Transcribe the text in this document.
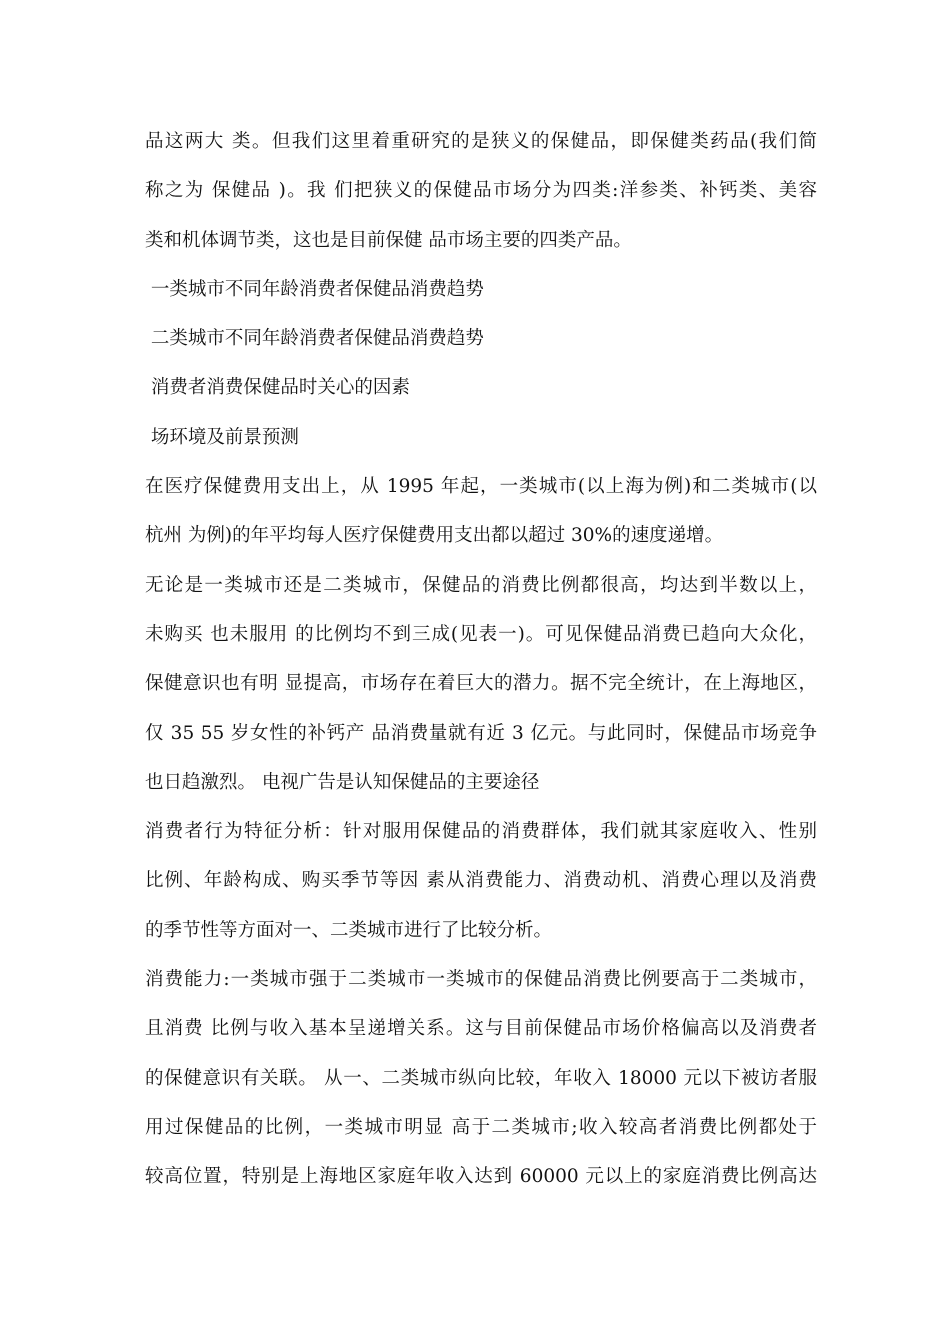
品这两大 类。但我们这里着重研究的是狭义的保健品，即保健类药品(我们简
称之为 保健品 )。我 们把狭义的保健品市场分为四类:洋参类、补钙类、美容
类和机体调节类，这也是目前保健 品市场主要的四类产品。
一类城市不同年龄消费者保健品消费趋势
二类城市不同年龄消费者保健品消费趋势
消费者消费保健品时关心的因素
场环境及前景预测
在医疗保健费用支出上，从 1995 年起，一类城市(以上海为例)和二类城市(以
杭州 为例)的年平均每人医疗保健费用支出都以超过 30%的速度递增。
无论是一类城市还是二类城市，保健品的消费比例都很高，均达到半数以上，
未购买 也未服用 的比例均不到三成(见表一)。可见保健品消费已趋向大众化，
保健意识也有明 显提高，市场存在着巨大的潜力。据不完全统计，在上海地区，
仅 35 55 岁女性的补钙产 品消费量就有近 3 亿元。与此同时，保健品市场竞争
也日趋激烈。 电视广告是认知保健品的主要途径
消费者行为特征分析：针对服用保健品的消费群体，我们就其家庭收入、性别
比例、年龄构成、购买季节等因 素从消费能力、消费动机、消费心理以及消费
的季节性等方面对一、二类城市进行了比较分析。
消费能力:一类城市强于二类城市一类城市的保健品消费比例要高于二类城市，
且消费 比例与收入基本呈递增关系。这与目前保健品市场价格偏高以及消费者
的保健意识有关联。 从一、二类城市纵向比较，年收入 18000 元以下被访者服
用过保健品的比例，一类城市明显 高于二类城市;收入较高者消费比例都处于
较高位置，特别是上海地区家庭年收入达到 60000 元以上的家庭消费比例高达
